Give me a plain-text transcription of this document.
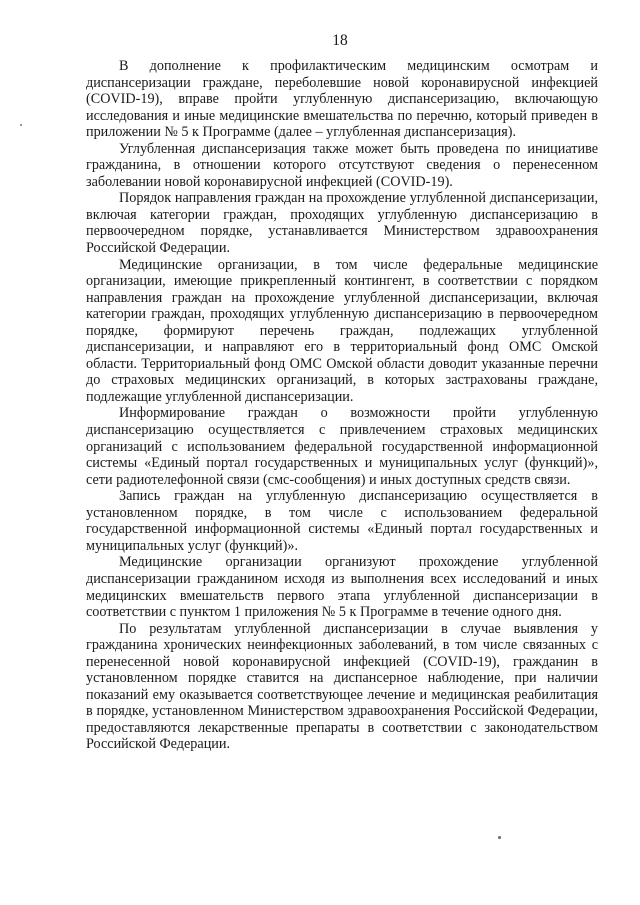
18

В дополнение к профилактическим медицинским осмотрам и диспансеризации граждане, переболевшие новой коронавирусной инфекцией (COVID-19), вправе пройти углубленную диспансеризацию, включающую исследования и иные медицинские вмешательства по перечню, который приведен в приложении № 5 к Программе (далее – углубленная диспансеризация).

Углубленная диспансеризация также может быть проведена по инициативе гражданина, в отношении которого отсутствуют сведения о перенесенном заболевании новой коронавирусной инфекцией (COVID-19).

Порядок направления граждан на прохождение углубленной диспансеризации, включая категории граждан, проходящих углубленную диспансеризацию в первоочередном порядке, устанавливается Министерством здравоохранения Российской Федерации.

Медицинские организации, в том числе федеральные медицинские организации, имеющие прикрепленный контингент, в соответствии с порядком направления граждан на прохождение углубленной диспансеризации, включая категории граждан, проходящих углубленную диспансеризацию в первоочередном порядке, формируют перечень граждан, подлежащих углубленной диспансеризации, и направляют его в территориальный фонд ОМС Омской области. Территориальный фонд ОМС Омской области доводит указанные перечни до страховых медицинских организаций, в которых застрахованы граждане, подлежащие углубленной диспансеризации.

Информирование граждан о возможности пройти углубленную диспансеризацию осуществляется с привлечением страховых медицинских организаций с использованием федеральной государственной информационной системы «Единый портал государственных и муниципальных услуг (функций)», сети радиотелефонной связи (смс-сообщения) и иных доступных средств связи.

Запись граждан на углубленную диспансеризацию осуществляется в установленном порядке, в том числе с использованием федеральной государственной информационной системы «Единый портал государственных и муниципальных услуг (функций)».

Медицинские организации организуют прохождение углубленной диспансеризации гражданином исходя из выполнения всех исследований и иных медицинских вмешательств первого этапа углубленной диспансеризации в соответствии с пунктом 1 приложения № 5 к Программе в течение одного дня.

По результатам углубленной диспансеризации в случае выявления у гражданина хронических неинфекционных заболеваний, в том числе связанных с перенесенной новой коронавирусной инфекцией (COVID-19), гражданин в установленном порядке ставится на диспансерное наблюдение, при наличии показаний ему оказывается соответствующее лечение и медицинская реабилитация в порядке, установленном Министерством здравоохранения Российской Федерации, предоставляются лекарственные препараты в соответствии с законодательством Российской Федерации.
